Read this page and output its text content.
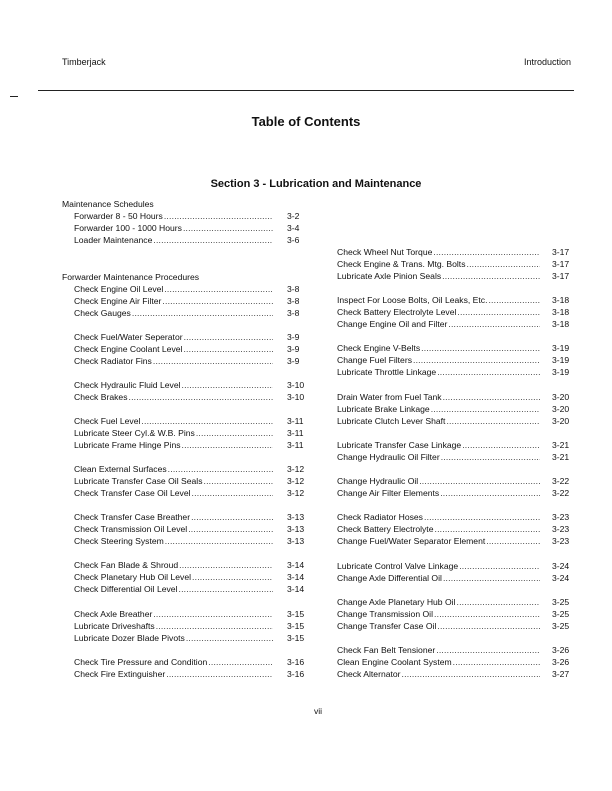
Timberjack	Introduction
Table of Contents
Section 3 - Lubrication and Maintenance
Maintenance Schedules
Forwarder Maintenance Procedures
Forwarder 8 - 50 Hours .....	3-2
Forwarder 100 - 1000 Hours .....	3-4
Loader Maintenance .....	3-6
Check Engine Oil Level .....	3-8
Check Engine Air Filter .....	3-8
Check Gauges .....	3-8
Check Fuel/Water Seperator .....	3-9
Check Engine Coolant Level .....	3-9
Check Radiator Fins .....	3-9
Check Hydraulic Fluid Level .....	3-10
Check Brakes .....	3-10
Check Fuel Level .....	3-11
Lubricate Steer Cyl.& W.B. Pins .....	3-11
Lubricate Frame Hinge Pins .....	3-11
Clean External Surfaces .....	3-12
Lubricate Transfer Case Oil Seals .....	3-12
Check Transfer Case Oil Level .....	3-12
Check Transfer Case Breather .....	3-13
Check Transmission Oil Level .....	3-13
Check Steering System .....	3-13
Check Fan Blade & Shroud .....	3-14
Check Planetary Hub Oil Level .....	3-14
Check Differential Oil Level .....	3-14
Check Axle Breather .....	3-15
Lubricate Driveshafts .....	3-15
Lubricate Dozer Blade Pivots .....	3-15
Check Tire Pressure and Condition .....	3-16
Check Fire Extinguisher .....	3-16
Check Wheel Nut Torque .....	3-17
Check Engine & Trans. Mtg. Bolts .....	3-17
Lubricate Axle Pinion Seals .....	3-17
Inspect For Loose Bolts, Oil Leaks, Etc. .....	3-18
Check Battery Electrolyte Level .....	3-18
Change Engine Oil and Filter .....	3-18
Check Engine V-Belts .....	3-19
Change Fuel Filters .....	3-19
Lubricate Throttle Linkage .....	3-19
Drain Water from Fuel Tank .....	3-20
Lubricate Brake Linkage .....	3-20
Lubricate Clutch Lever Shaft .....	3-20
Lubricate Transfer Case Linkage .....	3-21
Change Hydraulic Oil Filter .....	3-21
Change Hydraulic Oil .....	3-22
Change Air Filter Elements .....	3-22
Check Radiator Hoses .....	3-23
Check Battery Electrolyte .....	3-23
Change Fuel/Water Separator Element .....	3-23
Lubricate Control Valve Linkage .....	3-24
Change Axle Differential Oil .....	3-24
Change Axle Planetary Hub Oil .....	3-25
Change Transmission Oil .....	3-25
Change Transfer Case Oil .....	3-25
Check Fan Belt Tensioner .....	3-26
Clean Engine Coolant System .....	3-26
Check Alternator .....	3-27
vii
